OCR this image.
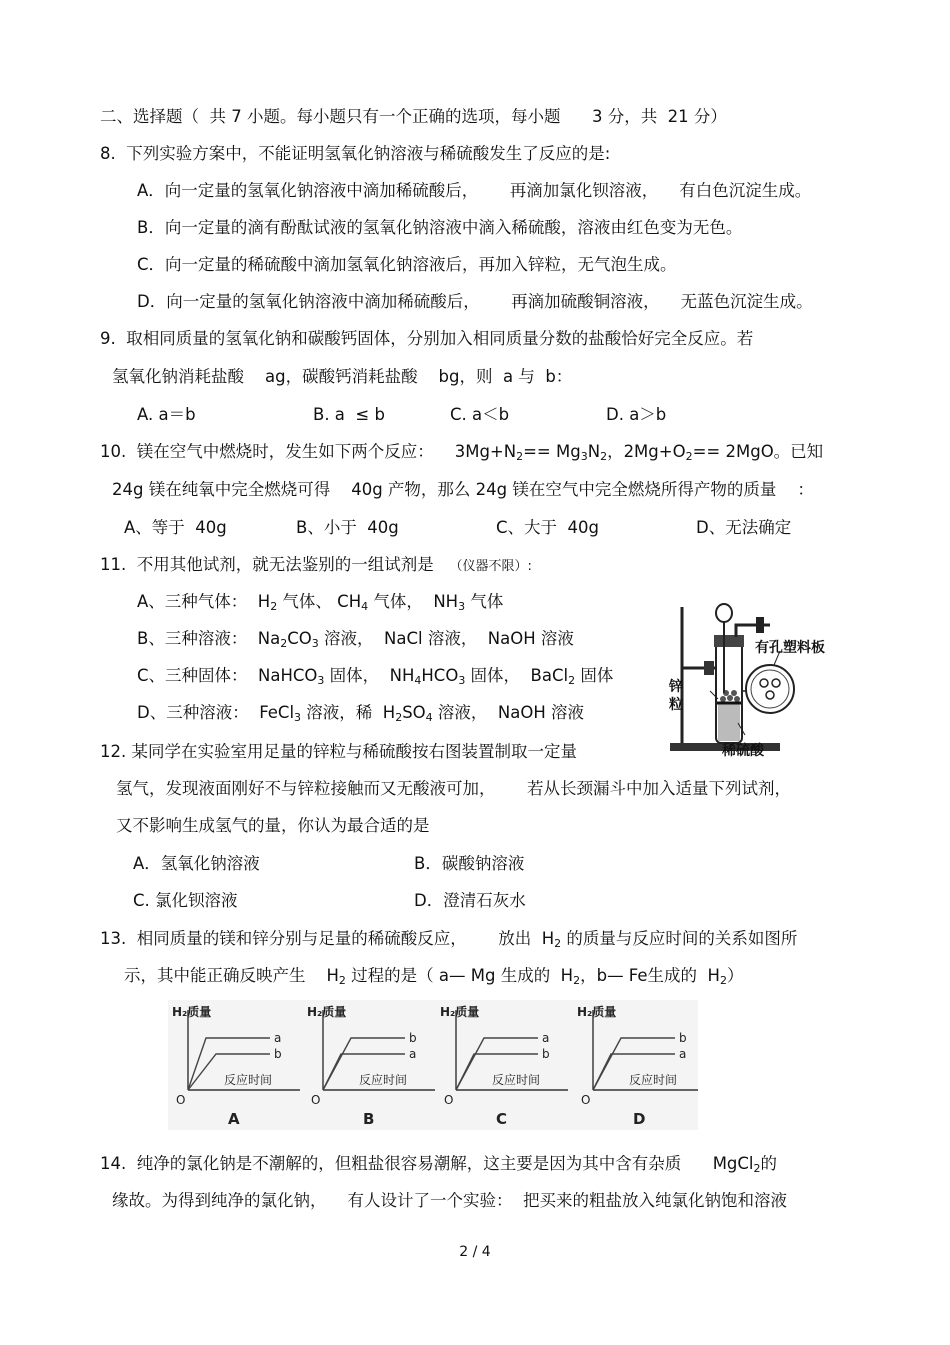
二、选择题（  共 7 小题。每小题只有一个正确的选项，每小题      3 分，共  21 分）
8.  下列实验方案中，不能证明氢氧化钠溶液与稀硫酸发生了反应的是:
A．向一定量的氢氧化钠溶液中滴加稀硫酸后，      再滴加氯化钡溶液，    有白色沉淀生成。
B．向一定量的滴有酚酞试液的氢氧化钠溶液中滴入稀硫酸，溶液由红色变为无色。
C．向一定量的稀硫酸中滴加氢氧化钠溶液后，再加入锌粒，无气泡生成。
D．向一定量的氢氧化钠溶液中滴加稀硫酸后，      再滴加硫酸铜溶液，    无蓝色沉淀生成。
9.  取相同质量的氢氧化钠和碳酸钙固体，分别加入相同质量分数的盐酸恰好完全反应。若
氢氧化钠消耗盐酸    ag，碳酸钙消耗盐酸    bg，则  a 与  b：
A. a＝b	B. a  ≤ b	C. a＜b	D. a＞b
10.  镁在空气中燃烧时，发生如下两个反应： $3Mg+N_2== Mg_3N_2$，$2Mg+O_2== 2MgO$。已知
24g 镁在纯氧中完全燃烧可得    40g 产物，那么 24g 镁在空气中完全燃烧所得产物的质量    ：
A、等于  40g	B、小于  40g	C、大于  40g	D、无法确定
11.  不用其他试剂，就无法鉴别的一组试剂是 （仪器不限）:
A、三种气体：  $H_2$ 气体、 $CH_4$ 气体，  $NH_3$ 气体
B、三种溶液：  $Na_2CO_3$ 溶液，  NaCl 溶液，  NaOH 溶液
C、三种固体：  NaHCO$_3$ 固体，  $NH_4HCO_3$ 固体，  BaCl$_2$ 固体
D、三种溶液：  FeCl$_3$ 溶液，稀  $H_2SO_4$ 溶液，  NaOH 溶液
有孔塑料板
锌
粒
稀硫酸
12. 某同学在实验室用足量的锌粒与稀硫酸按右图装置制取一定量
氢气，发现液面刚好不与锌粒接触而又无酸液可加，      若从长颈漏斗中加入适量下列试剂，
又不影响生成氢气的量，你认为最合适的是
A．氢氧化钠溶液	B．碳酸钠溶液
C. 氯化钡溶液	D．澄清石灰水
13.  相同质量的镁和锌分别与足量的稀硫酸反应，      放出  $H_2$ 的质量与反应时间的关系如图所
示，其中能正确反映产生    $H_2$ 过程的是（ a— Mg 生成的  $H_2$，b— Fe生成的  $H_2$）
H₂质量
a
b
反应时间
O
A
H₂质量
b
a
反应时间
O
B
H₂质量
a
b
反应时间
O
C
H₂质量
b
a
反应时间
O
D
14.  纯净的氯化钠是不潮解的，但粗盐很容易潮解，这主要是因为其中含有杂质      MgCl$_2$的
缘故。为得到纯净的氯化钠，    有人设计了一个实验：  把买来的粗盐放入纯氯化钠饱和溶液
2 / 4
